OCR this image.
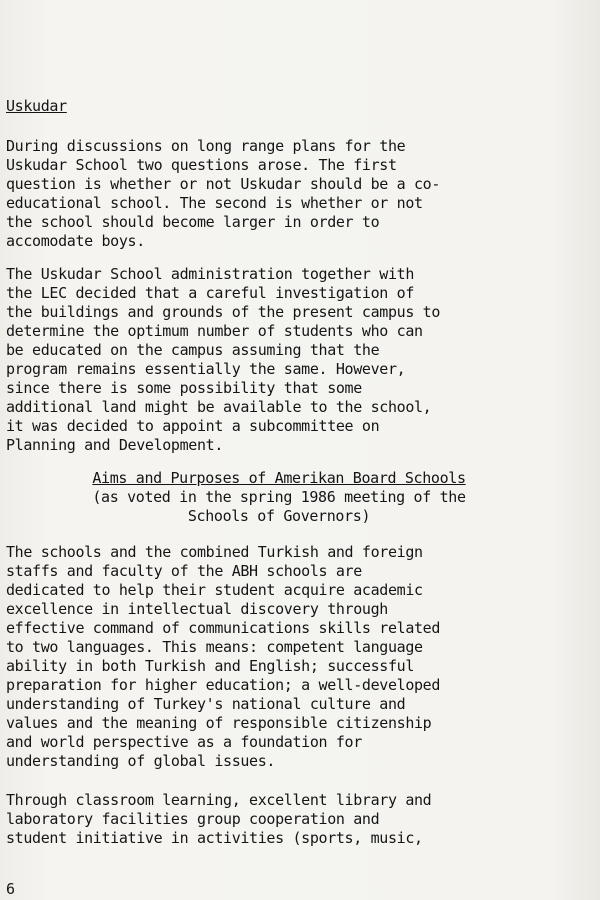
Uskudar
During discussions on long range plans for the
Uskudar School two questions arose. The first
question is whether or not Uskudar should be a co-
educational school. The second is whether or not
the school should become larger in order to
accomodate boys.
The Uskudar School administration together with
the LEC decided that a careful investigation of
the buildings and grounds of the present campus to
determine the optimum number of students who can
be educated on the campus assuming that the
program remains essentially the same. However,
since there is some possibility that some
additional land might be available to the school,
it was decided to appoint a subcommittee on
Planning and Development.
Aims and Purposes of Amerikan Board Schools
(as voted in the spring 1986 meeting of the
Schools of Governors)
The schools and the combined Turkish and foreign
staffs and faculty of the ABH schools are
dedicated to help their student acquire academic
excellence in intellectual discovery through
effective command of communications skills related
to two languages. This means: competent language
ability in both Turkish and English; successful
preparation for higher education; a well-developed
understanding of Turkey's national culture and
values and the meaning of responsible citizenship
and world perspective as a foundation for
understanding of global issues.
Through classroom learning, excellent library and
laboratory facilities group cooperation and
student initiative in activities (sports, music,
6
